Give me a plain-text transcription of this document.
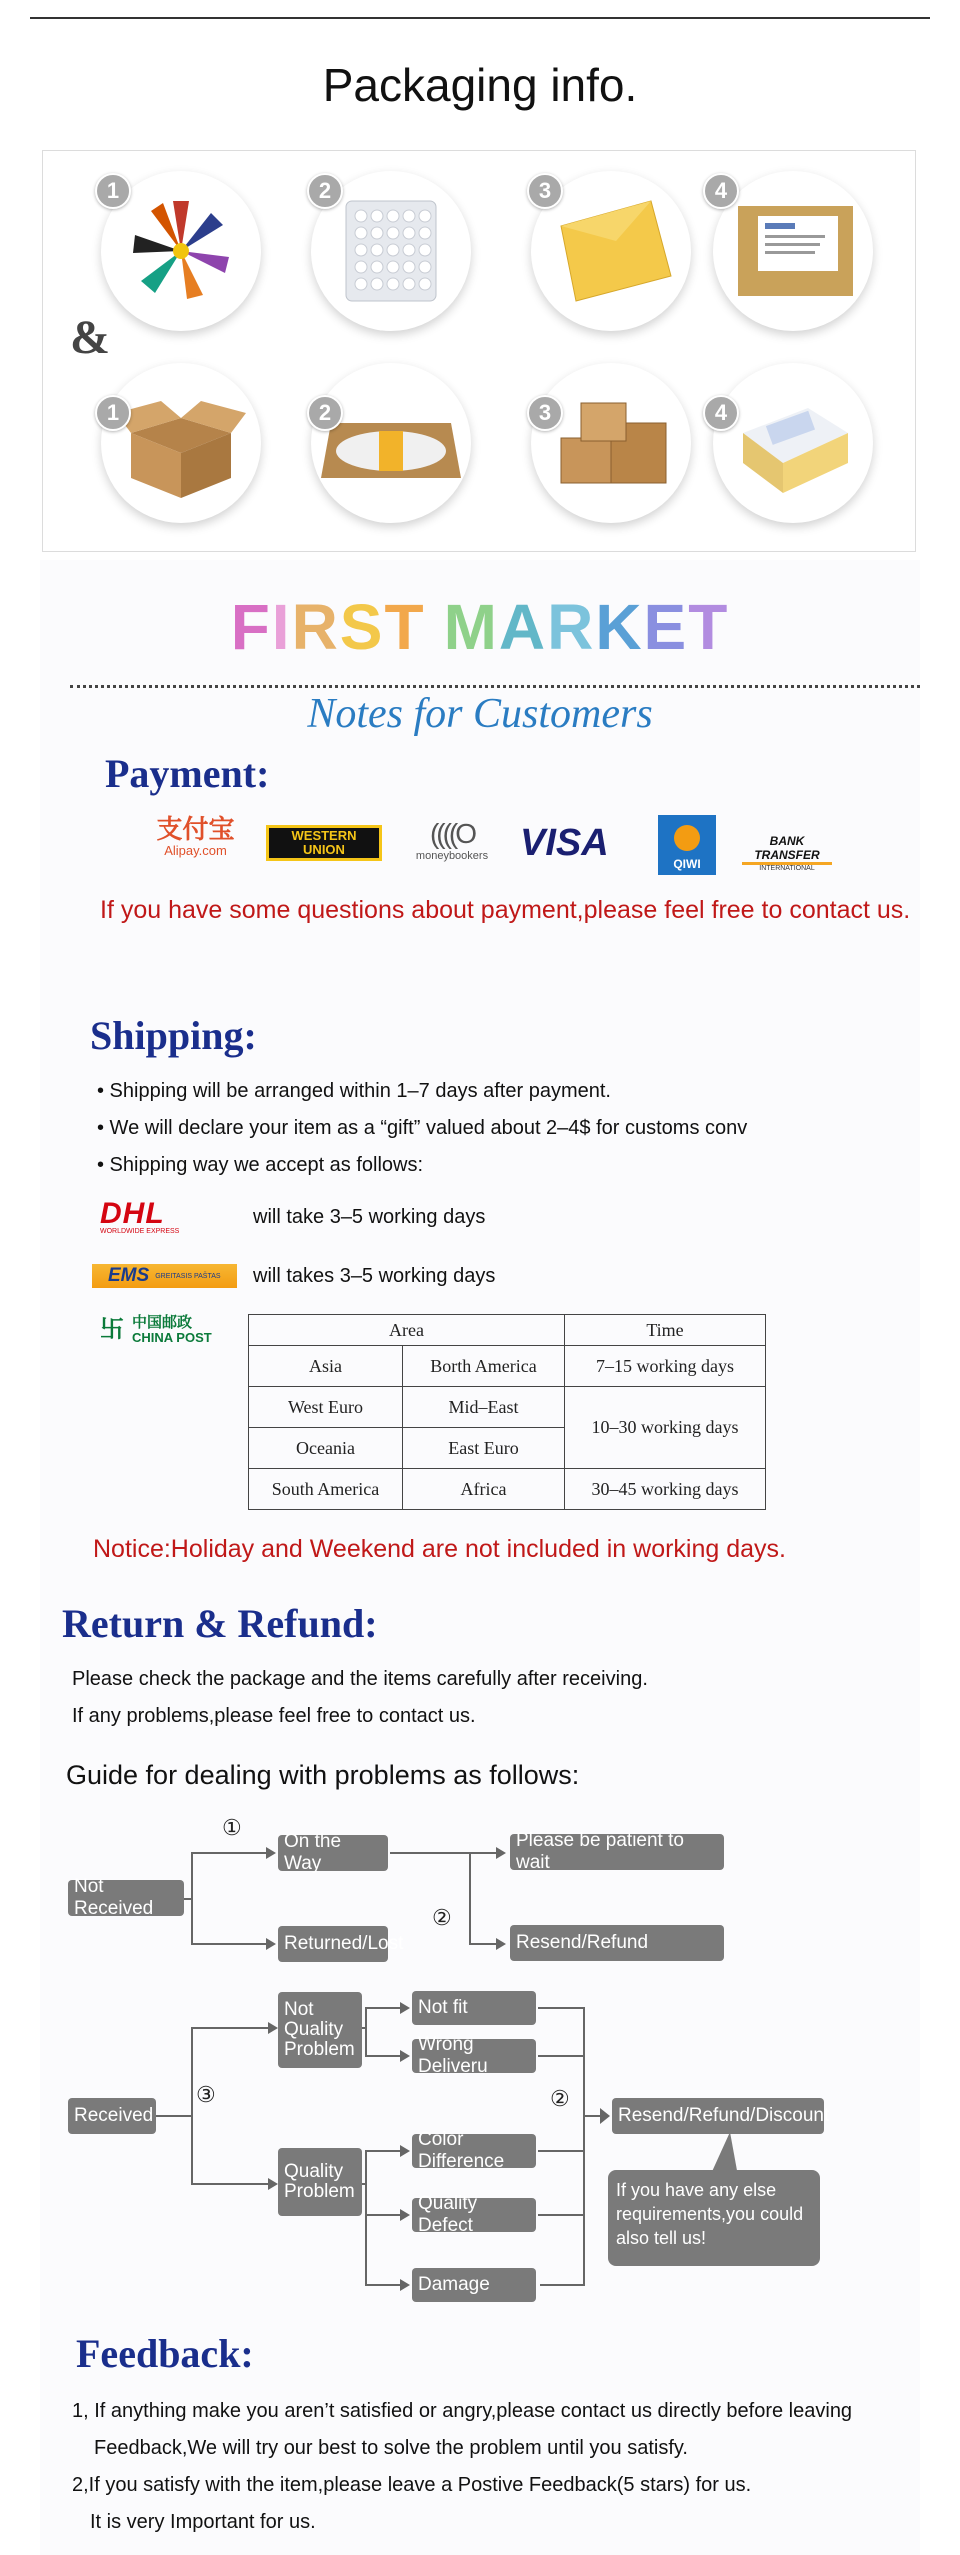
Packaging info.
1	2	3	4
1	2	3	4
&
FIRST MARKET
Notes for Customers
Payment:
支付宝
Alipay.com
WESTERN UNION
((((O
moneybookers VISA	QIWI
BANK TRANSFER
INTERNATIONAL
If you have some questions about payment,please feel free to contact us.
Shipping:
• Shipping will be arranged within 1–7 days after payment.
• We will declare your item as a “gift” valued about 2–4$ for customs conv
• Shipping way we accept as follows:
DHL
WORLDWIDE EXPRESS
will take 3–5 working days
EMS GREITASIS PAŠTAS will takes 3–5 working days
卐 中国邮政
CHINA POST	Area		Time
Asia	Borth America	7–15 working days
West Euro	Mid–East	10–30 working days
Oceania	East Euro	
South America	Africa	30–45 working days
Notice:Holiday and Weekend are not included in working days.
Return & Refund:
Please check the package and the items carefully after receiving.
If any problems,please feel free to contact us.
Guide for dealing with problems as follows:
①
②
③	②
Not Received
On the Way
Please be patient to wait
Returned/Lost	Resend/Refund
Received
Not Quality Problem
Not fit
Wrong Deliveru
Quality Problem
Color Difference
Quality Defect
Damage
Resend/Refund/Discount
If you have any else requirements,you could also tell us!
Feedback:
1, If anything make you aren’t satisfied or angry,please contact us directly before leaving
Feedback,We will try our best to solve the problem until you satisfy.
2,If you satisfy with the item,please leave a Postive Feedback(5 stars) for us.
It is very Important for us.
